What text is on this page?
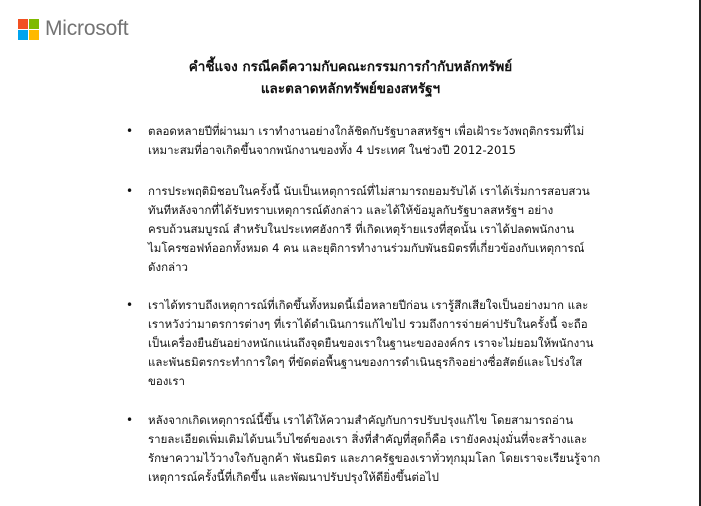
Microsoft
คำชี้แจง กรณีคดีความกับคณะกรรมการกำกับหลักทรัพย์
และตลาดหลักทรัพย์ของสหรัฐฯ
• ตลอดหลายปีที่ผ่านมา เราทำงานอย่างใกล้ชิดกับรัฐบาลสหรัฐฯ เพื่อเฝ้าระวังพฤติกรรมที่ไม่
เหมาะสมที่อาจเกิดขึ้นจากพนักงานของทั้ง 4 ประเทศ ในช่วงปี 2012-2015
• การประพฤติมิชอบในครั้งนี้ นับเป็นเหตุการณ์ที่ไม่สามารถยอมรับได้ เราได้เริ่มการสอบสวน
ทันทีหลังจากที่ได้รับทราบเหตุการณ์ดังกล่าว และได้ให้ข้อมูลกับรัฐบาลสหรัฐฯ อย่าง
ครบถ้วนสมบูรณ์ สำหรับในประเทศฮังการี ที่เกิดเหตุร้ายแรงที่สุดนั้น เราได้ปลดพนักงาน
ไมโครซอฟท์ออกทั้งหมด 4 คน และยุติการทำงานร่วมกับพันธมิตรที่เกี่ยวข้องกับเหตุการณ์
ดังกล่าว
• เราได้ทราบถึงเหตุการณ์ที่เกิดขึ้นทั้งหมดนี้เมื่อหลายปีก่อน เรารู้สึกเสียใจเป็นอย่างมาก และ
เราหวังว่ามาตรการต่างๆ ที่เราได้ดำเนินการแก้ไขไป รวมถึงการจ่ายค่าปรับในครั้งนี้ จะถือ
เป็นเครื่องยืนยันอย่างหนักแน่นถึงจุดยืนของเราในฐานะขององค์กร เราจะไม่ยอมให้พนักงาน
และพันธมิตรกระทำการใดๆ ที่ขัดต่อพื้นฐานของการดำเนินธุรกิจอย่างซื่อสัตย์และโปร่งใส
ของเรา
• หลังจากเกิดเหตุการณ์นี้ขึ้น เราได้ให้ความสำคัญกับการปรับปรุงแก้ไข โดยสามารถอ่าน
รายละเอียดเพิ่มเติมได้บนเว็บไซต์ของเรา สิ่งที่สำคัญที่สุดก็คือ เรายังคงมุ่งมั่นที่จะสร้างและ
รักษาความไว้วางใจกับลูกค้า พันธมิตร และภาครัฐของเราทั่วทุกมุมโลก โดยเราจะเรียนรู้จาก
เหตุการณ์ครั้งนี้ที่เกิดขึ้น และพัฒนาปรับปรุงให้ดียิ่งขึ้นต่อไป
